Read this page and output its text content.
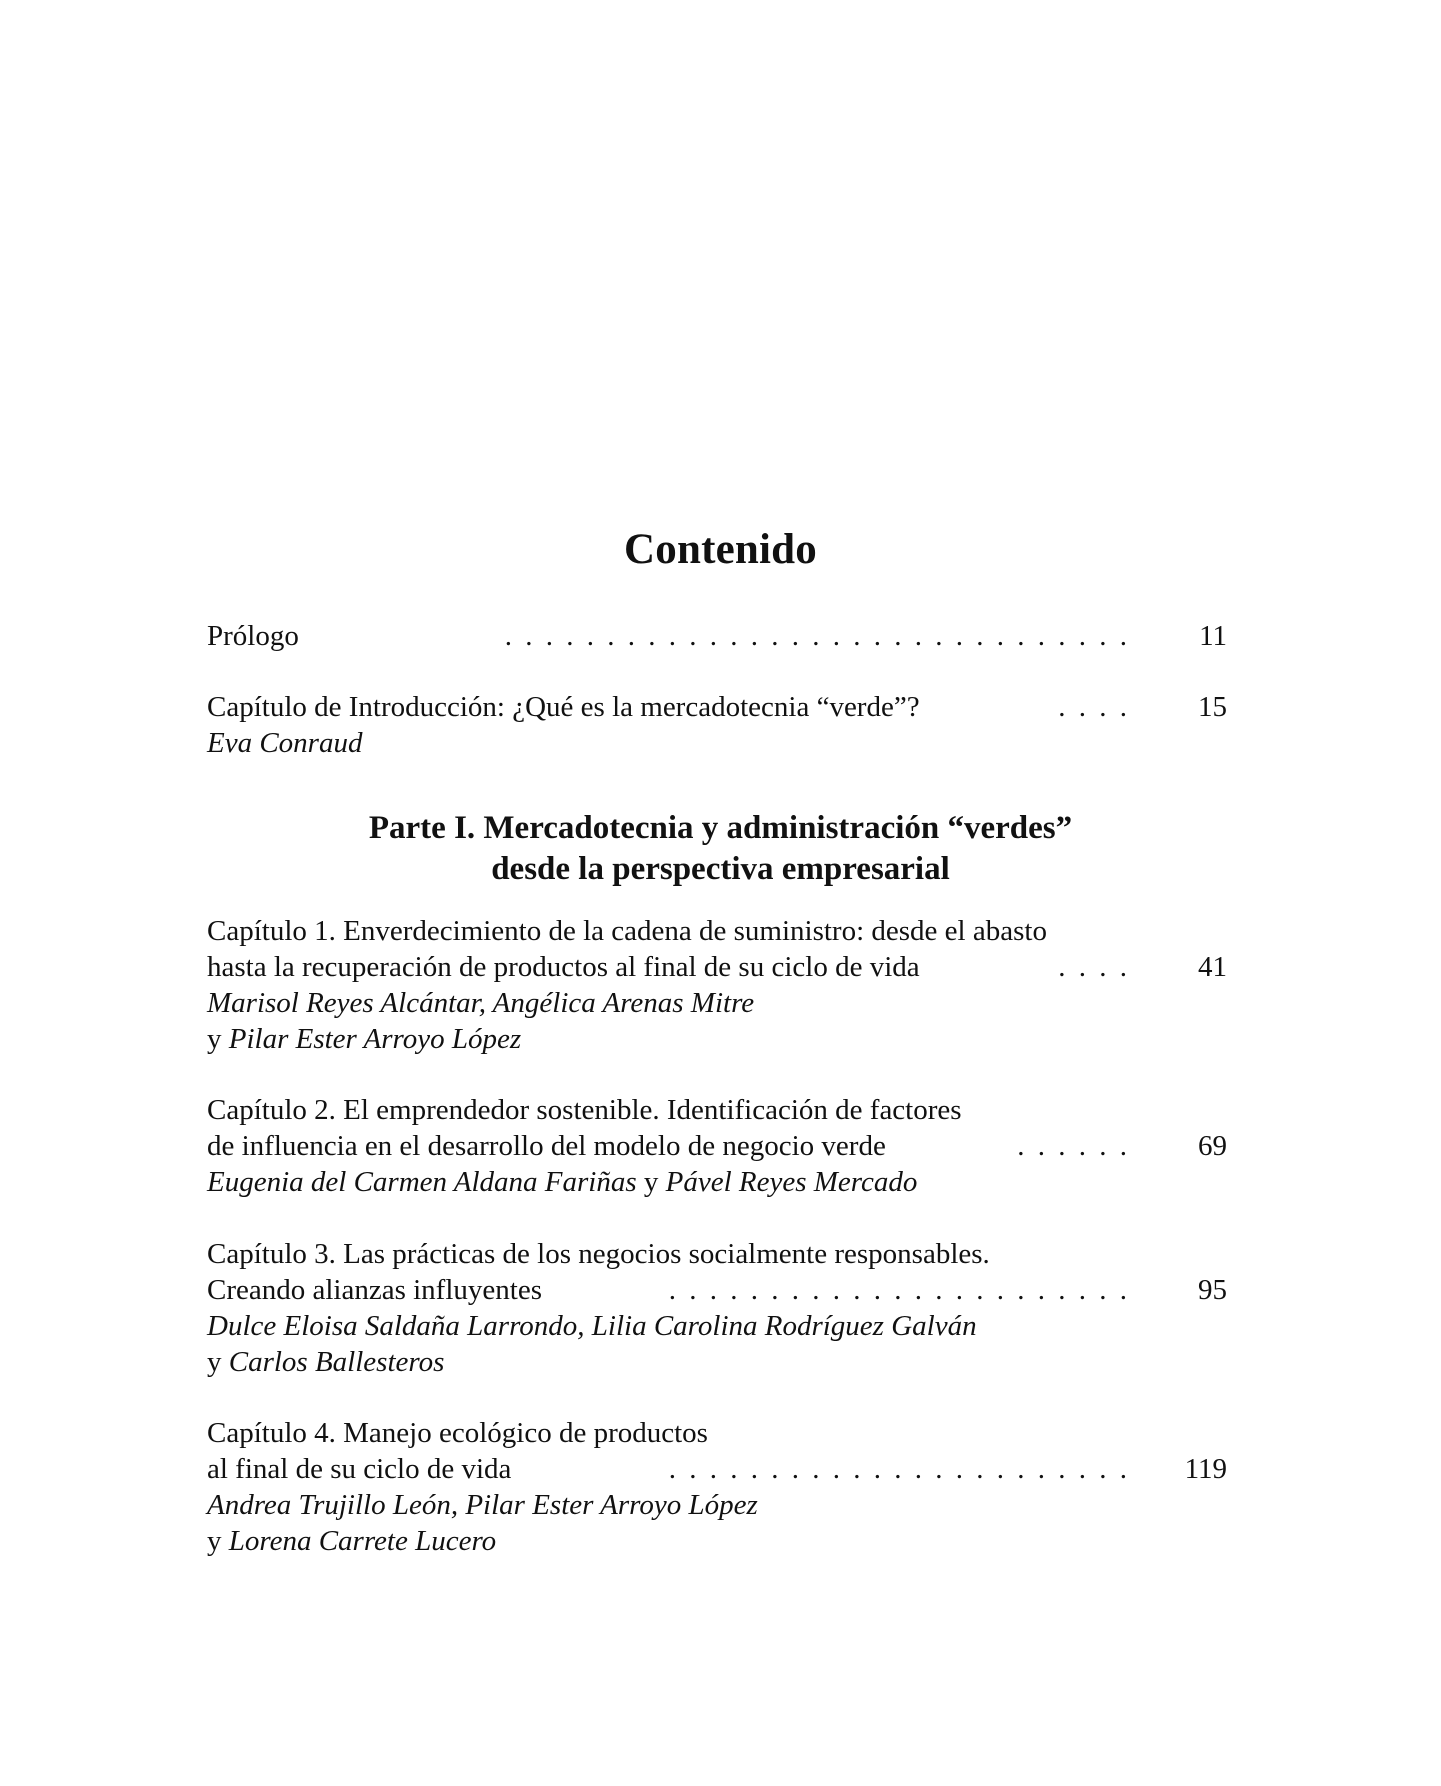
Contenido
Prólogo	. . . . . . . . . . . . . . . . . . . . . . . . . . . . . . . 11
Capítulo de Introducción: ¿Qué es la mercadotecnia “verde”?	. . . . 15
Eva Conraud
Parte I. Mercadotecnia y administración “verdes”
desde la perspectiva empresarial
Capítulo 1. Enverdecimiento de la cadena de suministro: desde el abasto
hasta la recuperación de productos al final de su ciclo de vida	. . . . 41
Marisol Reyes Alcántar, Angélica Arenas Mitre
y Pilar Ester Arroyo López
Capítulo 2. El emprendedor sostenible. Identificación de factores
de influencia en el desarrollo del modelo de negocio verde	. . . . . . 69
Eugenia del Carmen Aldana Fariñas y Pável Reyes Mercado
Capítulo 3. Las prácticas de los negocios socialmente responsables.
Creando alianzas influyentes	. . . . . . . . . . . . . . . . . . . . . . . 95
Dulce Eloisa Saldaña Larrondo, Lilia Carolina Rodríguez Galván
y Carlos Ballesteros
Capítulo 4. Manejo ecológico de productos
al final de su ciclo de vida	. . . . . . . . . . . . . . . . . . . . . . . 119
Andrea Trujillo León, Pilar Ester Arroyo López
y Lorena Carrete Lucero
